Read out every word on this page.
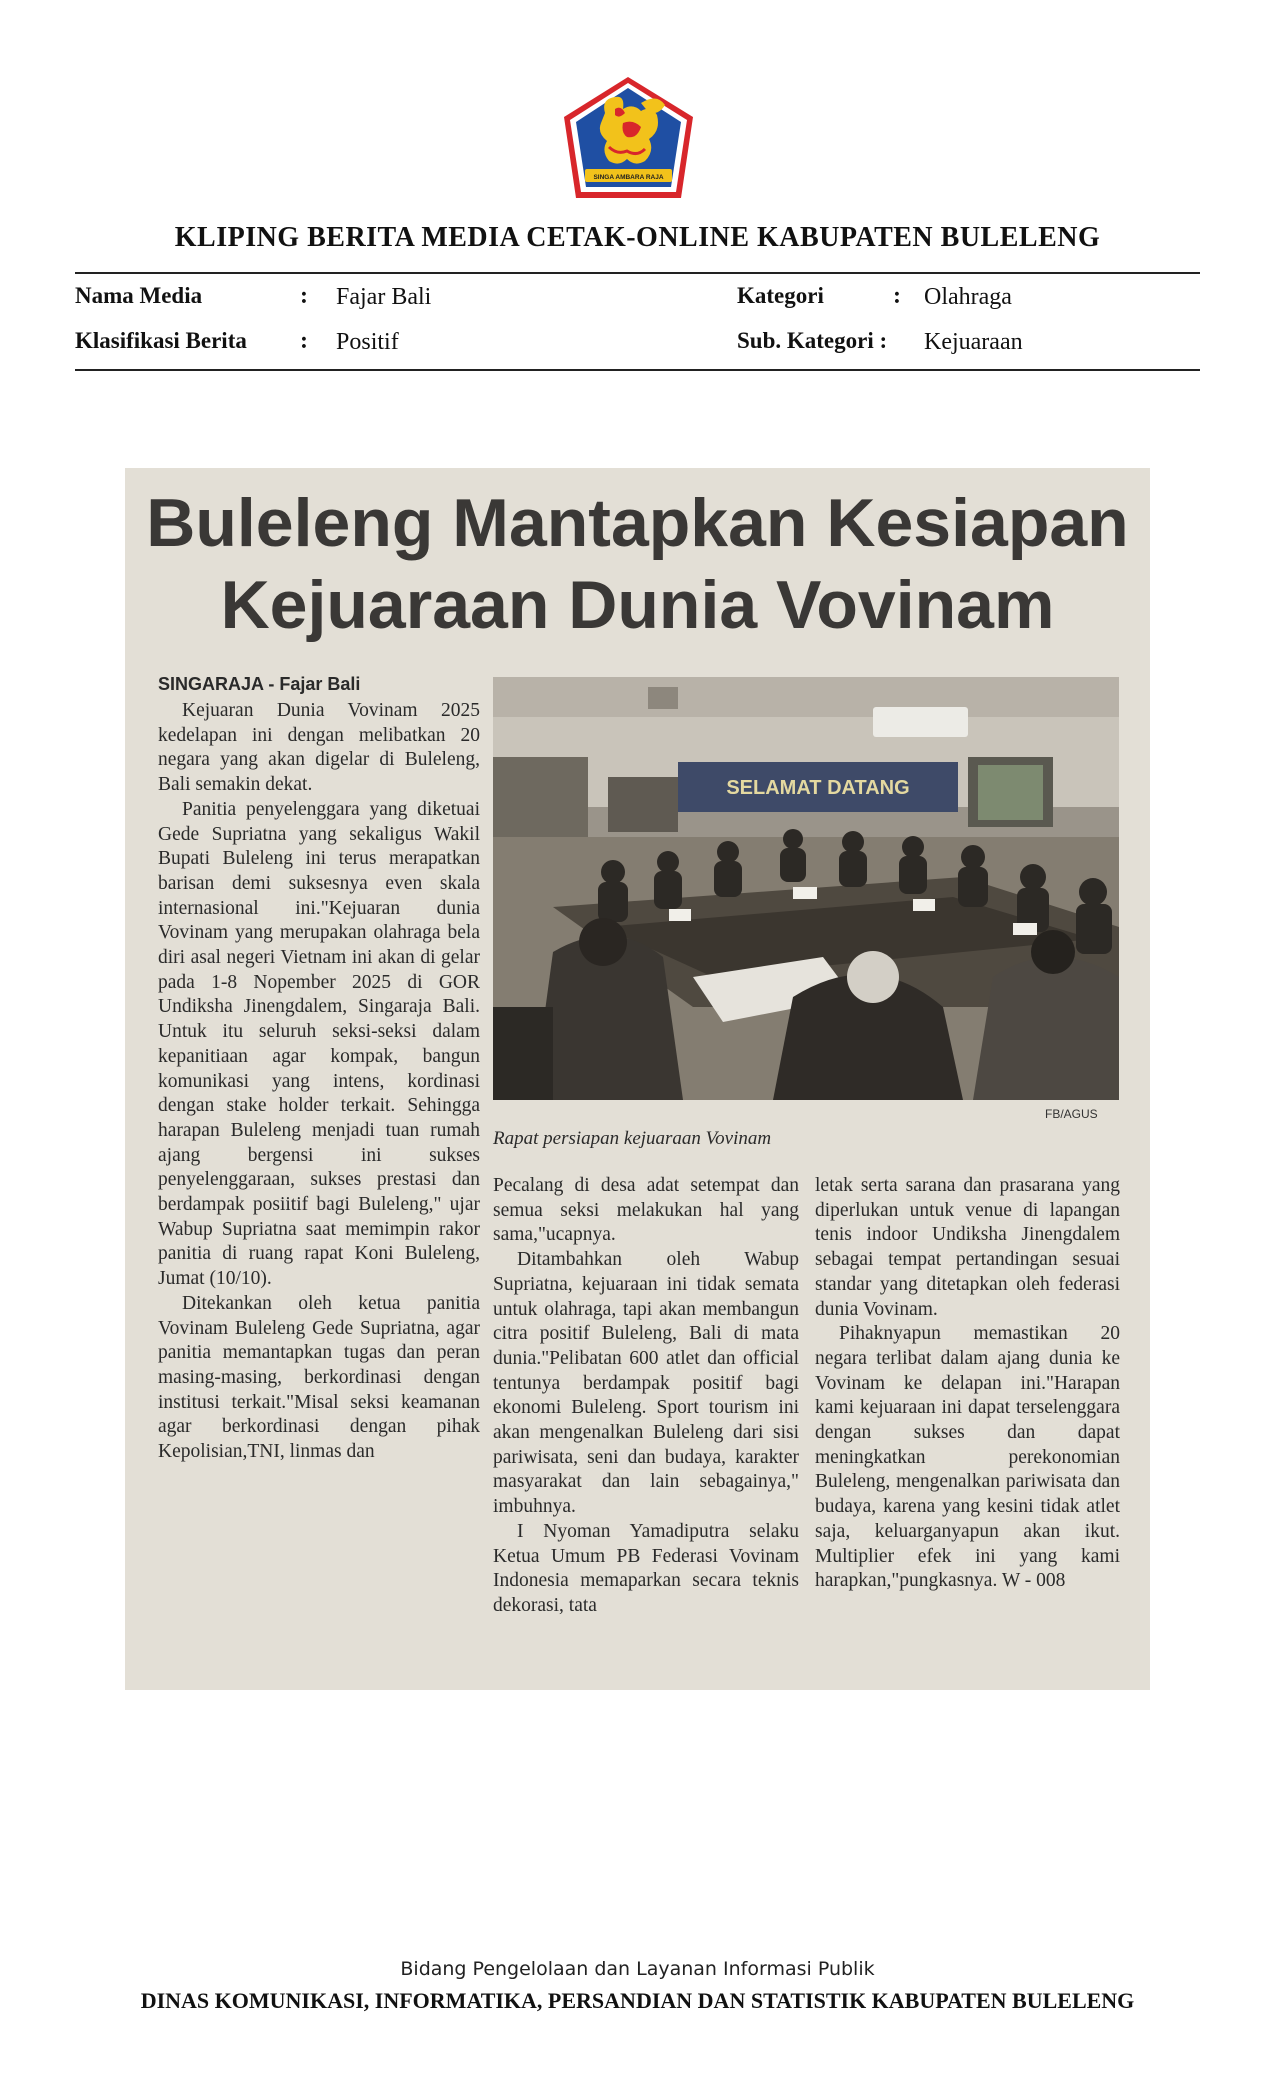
SINGA AMBARA RAJA
KLIPING BERITA MEDIA CETAK-ONLINE KABUPATEN BULELENG
Nama Media	: Fajar Bali	Kategori	: Olahraga
Klasifikasi Berita : Positif	Sub. Kategori : Kejuaraan
Buleleng Mantapkan Kesiapan
Kejuaraan Dunia Vovinam
SINGARAJA - Fajar Bali

Kejuaran Dunia Vovinam 2025 kedelapan ini dengan melibatkan 20 negara yang akan digelar di Buleleng, Bali semakin dekat.

Panitia penyelenggara yang diketuai Gede Supriatna yang sekaligus Wakil Bupati Buleleng ini terus merapatkan barisan demi suksesnya even skala internasional ini."Kejuaran dunia Vovinam yang merupakan olahraga bela diri asal negeri Vietnam ini akan di gelar pada 1-8 Nopember 2025 di GOR Undiksha Jinengdalem, Singaraja Bali. Untuk itu seluruh seksi-seksi dalam kepanitiaan agar kompak, bangun komunikasi yang intens, kordinasi dengan stake holder terkait. Sehingga harapan Buleleng menjadi tuan rumah ajang bergensi ini sukses penyelenggaraan, sukses prestasi dan berdampak posiitif bagi Buleleng," ujar Wabup Supriatna saat memimpin rakor panitia di ruang rapat Koni Buleleng, Jumat (10/10).

Ditekankan oleh ketua panitia Vovinam Buleleng Gede Supriatna, agar panitia memantapkan tugas dan peran masing-masing, berkordinasi dengan institusi terkait."Misal seksi keamanan agar berkordinasi dengan pihak Kepolisian,TNI, linmas dan

SELAMAT DATANG
FB/AGUS
Rapat persiapan kejuaraan Vovinam

Pecalang di desa adat setempat dan semua seksi melakukan hal yang sama,"ucapnya.

Ditambahkan oleh Wabup Supriatna, kejuaraan ini tidak semata untuk olahraga, tapi akan membangun citra positif Buleleng, Bali di mata dunia."Pelibatan 600 atlet dan official tentunya berdampak positif bagi ekonomi Buleleng. Sport tourism ini akan mengenalkan Buleleng dari sisi pariwisata, seni dan budaya, karakter masyarakat dan lain sebagainya," imbuhnya.

I Nyoman Yamadiputra selaku Ketua Umum PB Federasi Vovinam Indonesia memaparkan secara teknis dekorasi, tata

letak serta sarana dan prasarana yang diperlukan untuk venue di lapangan tenis indoor Undiksha Jinengdalem sebagai tempat pertandingan sesuai standar yang ditetapkan oleh federasi dunia Vovinam.

Pihaknyapun memastikan 20 negara terlibat dalam ajang dunia ke Vovinam ke delapan ini."Harapan kami kejuaraan ini dapat terselenggara dengan sukses dan dapat meningkatkan perekonomian Buleleng, mengenalkan pariwisata dan budaya, karena yang kesini tidak atlet saja, keluarganyapun akan ikut. Multiplier efek ini yang kami harapkan,"pungkasnya. W - 008

Bidang Pengelolaan dan Layanan Informasi Publik
DINAS KOMUNIKASI, INFORMATIKA, PERSANDIAN DAN STATISTIK KABUPATEN BULELENG
